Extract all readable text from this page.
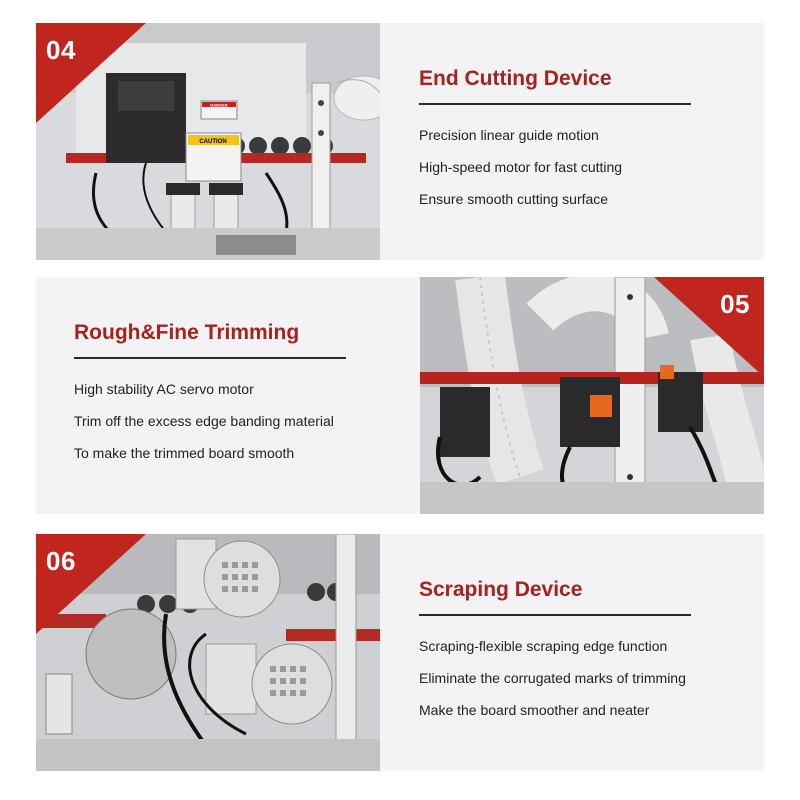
CAUTION
DANGER
04
End Cutting Device
Precision linear guide motion
High-speed motor for fast cutting
Ensure smooth cutting surface
Rough&Fine Trimming
High stability AC servo motor
Trim off the excess edge banding material
To make the trimmed board smooth
05
06
Scraping Device
Scraping-flexible scraping edge function
Eliminate the corrugated marks of trimming
Make the board smoother and neater
